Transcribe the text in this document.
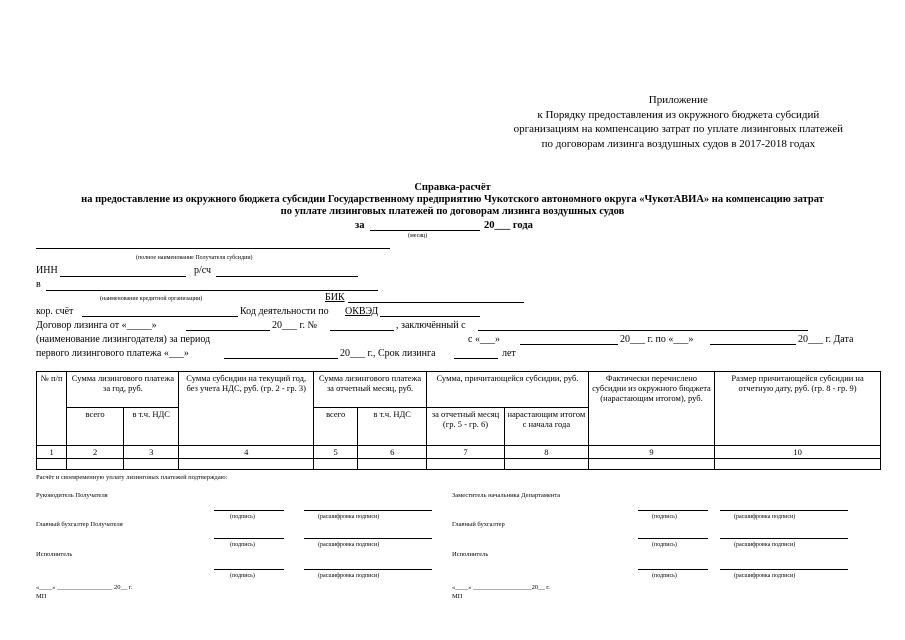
Приложение
к Порядку предоставления из окружного бюджета субсидий
организациям на компенсацию затрат по уплате лизинговых платежей
по договорам лизинга воздушных судов в 2017-2018 годах
Справка-расчёт
на предоставление из окружного бюджета субсидии Государственному предприятию Чукотского автономного округа «ЧукотАВИА» на компенсацию затрат
по уплате лизинговых платежей по договорам лизинга воздушных судов
за	20___ года
(месяц)
(полное наименование Получателя субсидии)
ИНН	р/сч
в
(наименование кредитной организации)	БИК
кор. счёт	Код деятельности по ОКВЭД
Договор лизинга от «_____»	20___ г. №	, заключённый с
(наименование лизингодателя) за период	с «___»	20___ г. по «___»	20___ г. Дата
первого лизингового платежа «___»	20___ г., Срок лизинга	лет
№ п/п	Сумма лизингового платежа за год, руб.		Сумма субсидии на текущий год, без учета НДС, руб. (гр. 2 - гр. 3)	Сумма лизингового платежа за отчетный месяц, руб.		Сумма, причитающейся субсидии, руб.		Фактически перечислено субсидии из окружного бюджета (нарастающим итогом), руб.	Размер причитающейся субсидии на отчетную дату, руб. (гр. 8 - гр. 9)
	всего	в т.ч. НДС		всего	в т.ч. НДС	за отчетный месяц (гр. 5 - гр. 6)	нарастающим итогом с начала года		
1	2	3	4	5	6	7	8	9	10

Расчёт и своевременную уплату лизинговых платежей подтверждаю:
Руководитель Получателя
(подпись)	(расшифровка подписи)
Главный бухгалтер Получателя
(подпись)	(расшифровка подписи)
Исполнитель
(подпись)	(расшифровка подписи)
«____» _________________ 20__ г.
МП
Заместитель начальника Департамента
(подпись)	(расшифровка подписи)
Главный бухгалтер
(подпись)	(расшифровка подписи)
Исполнитель
(подпись)	(расшифровка подписи)
«____» __________________20__ г.
МП
